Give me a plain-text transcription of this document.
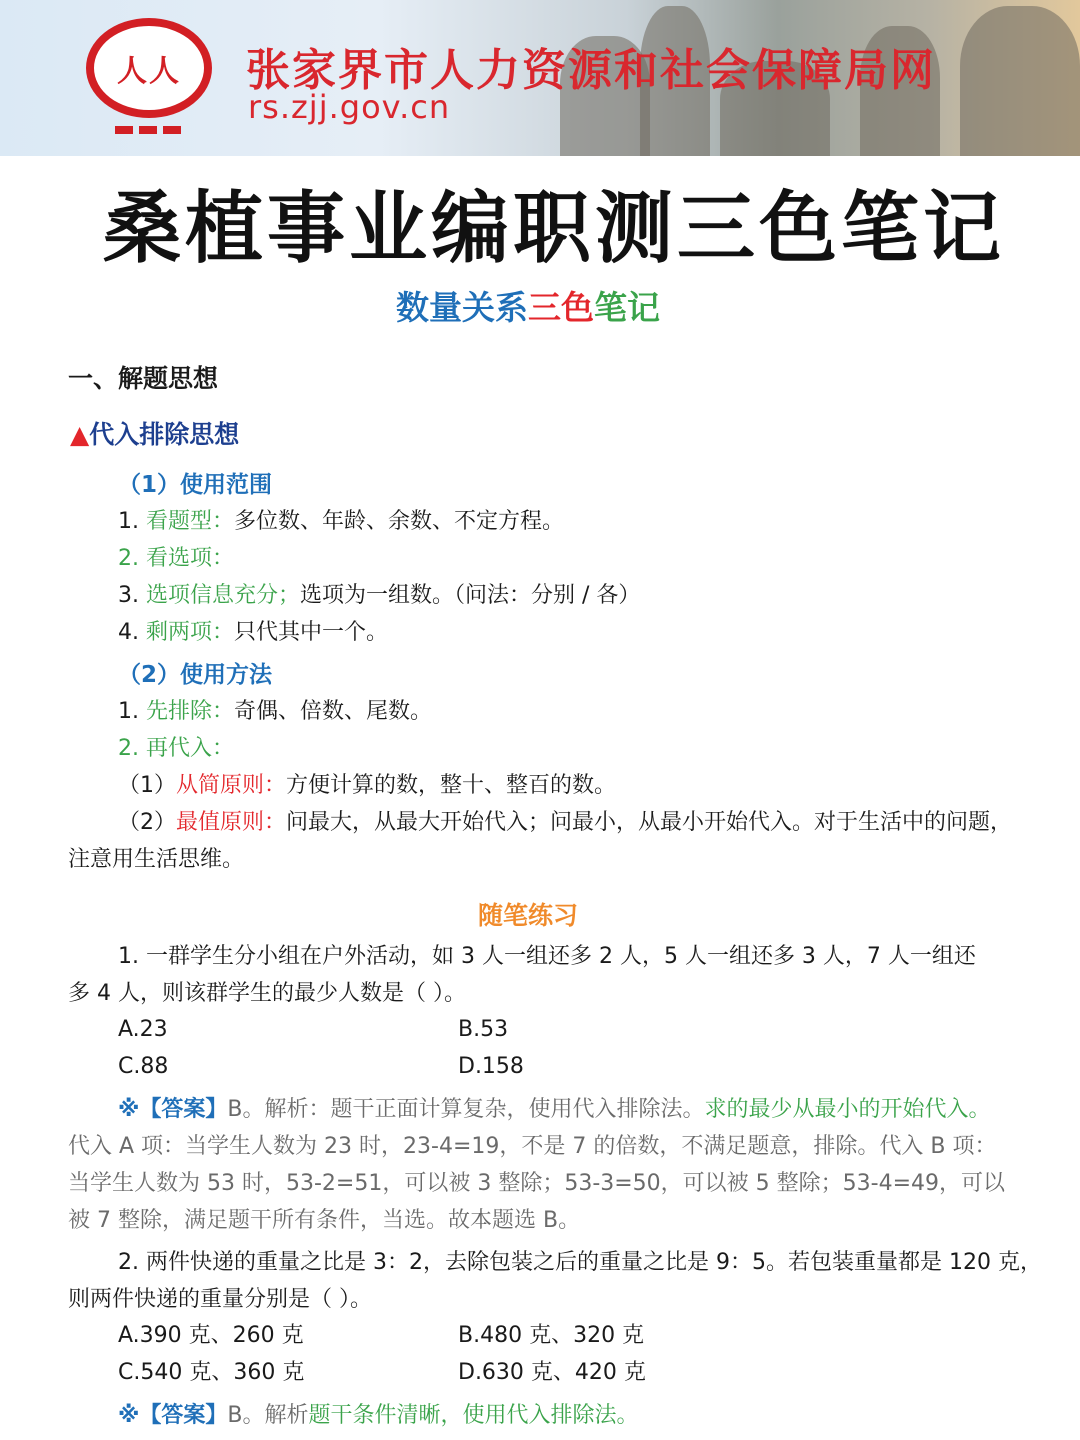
人人 张家界市人力资源和社会保障局网
rs.zjj.gov.cn
桑植事业编职测三色笔记
数量关系三色笔记
一、解题思想
▲代入排除思想
（1）使用范围
1. 看题型：多位数、年龄、余数、不定方程。
2. 看选项：
3. 选项信息充分；选项为一组数。（问法：分别 / 各）
4. 剩两项：只代其中一个。
（2）使用方法
1. 先排除：奇偶、倍数、尾数。
2. 再代入：
（1）从简原则：方便计算的数，整十、整百的数。
（2）最值原则：问最大，从最大开始代入；问最小，从最小开始代入。对于生活中的问题，
注意用生活思维。
随笔练习
1. 一群学生分小组在户外活动，如 3 人一组还多 2 人，5 人一组还多 3 人，7 人一组还
多 4 人，则该群学生的最少人数是（ ）。
A.23	B.53
C.88	D.158
※【答案】B。解析：题干正面计算复杂，使用代入排除法。求的最少从最小的开始代入。
代入 A 项：当学生人数为 23 时，23-4=19，不是 7 的倍数，不满足题意，排除。代入 B 项：
当学生人数为 53 时，53-2=51，可以被 3 整除；53-3=50，可以被 5 整除；53-4=49，可以
被 7 整除，满足题干所有条件，当选。故本题选 B。
2. 两件快递的重量之比是 3：2，去除包装之后的重量之比是 9：5。若包装重量都是 120 克，
则两件快递的重量分别是（ ）。
A.390 克、260 克	B.480 克、320 克
C.540 克、360 克	D.630 克、420 克
※【答案】B。解析题干条件清晰，使用代入排除法。
